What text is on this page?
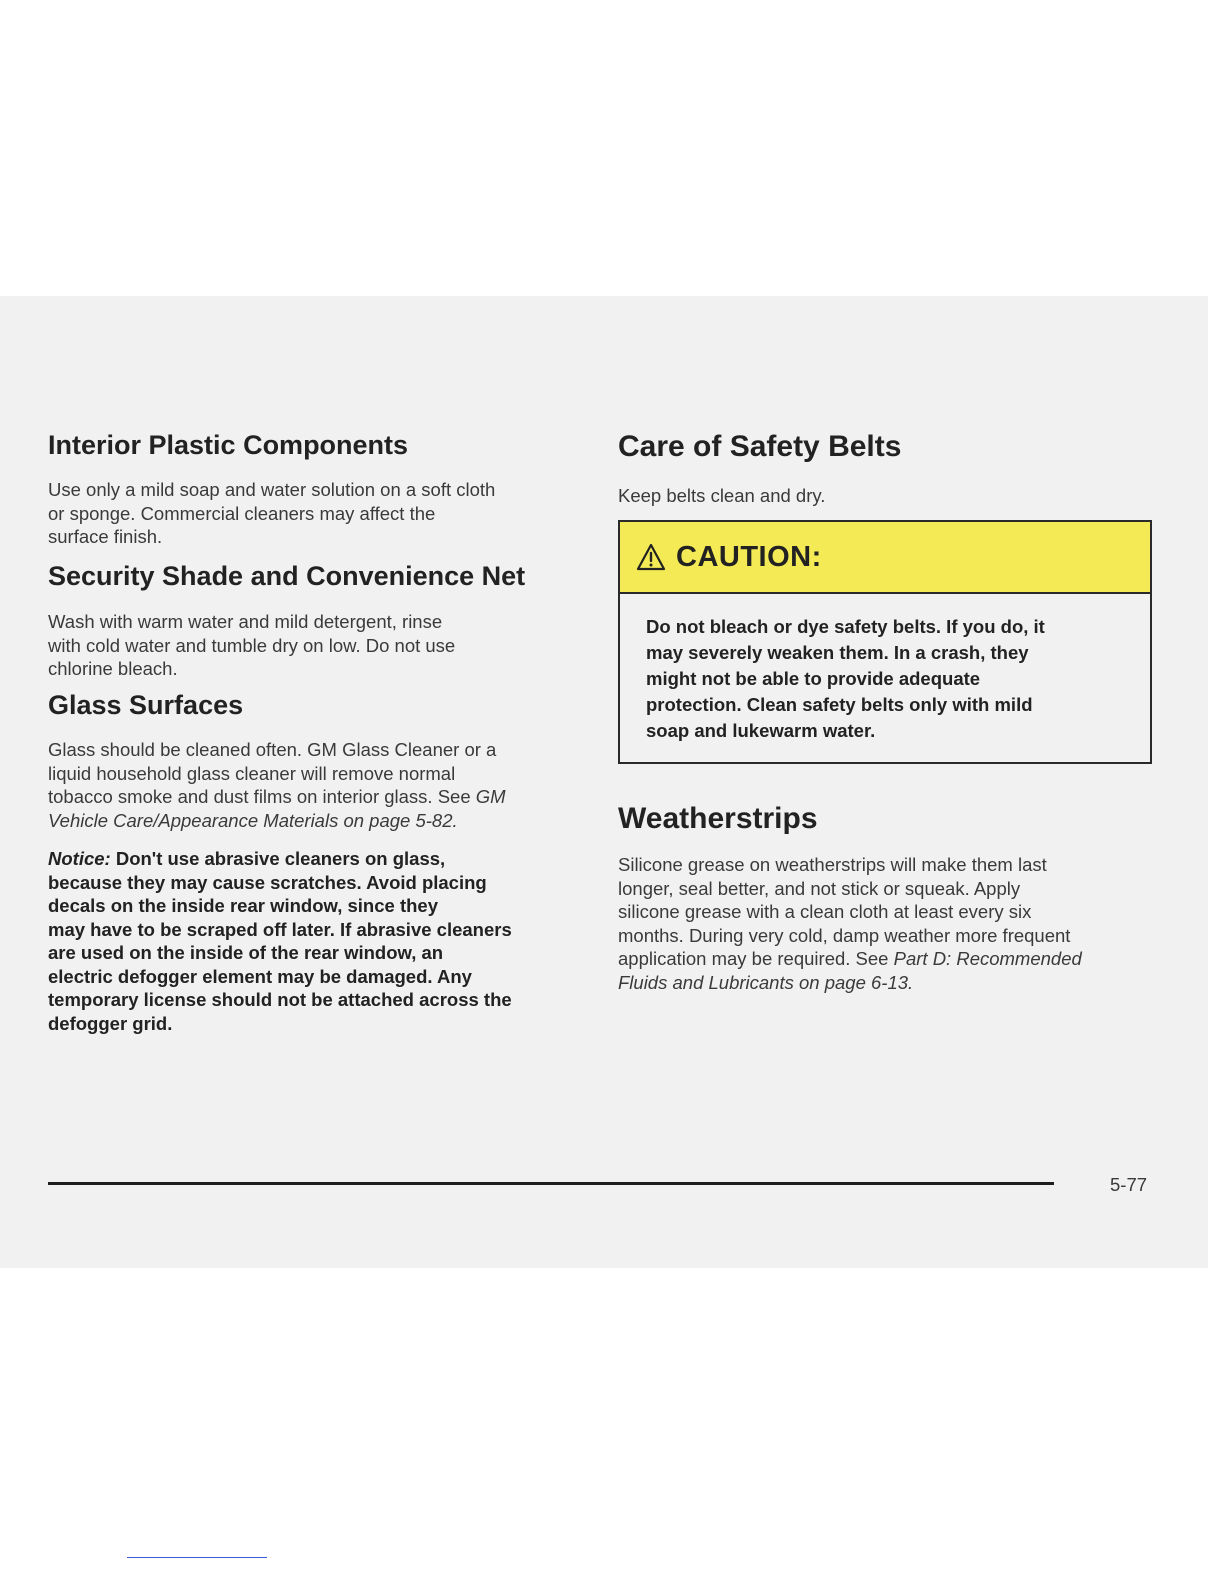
Interior Plastic Components

Use only a mild soap and water solution on a soft cloth
or sponge. Commercial cleaners may affect the
surface finish.

Security Shade and Convenience Net

Wash with warm water and mild detergent, rinse
with cold water and tumble dry on low. Do not use
chlorine bleach.

Glass Surfaces

Glass should be cleaned often. GM Glass Cleaner or a
liquid household glass cleaner will remove normal
tobacco smoke and dust films on interior glass. See GM
Vehicle Care/Appearance Materials on page 5-82.

Notice: Don't use abrasive cleaners on glass,
because they may cause scratches. Avoid placing
decals on the inside rear window, since they
may have to be scraped off later. If abrasive cleaners
are used on the inside of the rear window, an
electric defogger element may be damaged. Any
temporary license should not be attached across the
defogger grid.

Care of Safety Belts

Keep belts clean and dry.

CAUTION:

Do not bleach or dye safety belts. If you do, it
may severely weaken them. In a crash, they
might not be able to provide adequate
protection. Clean safety belts only with mild
soap and lukewarm water.

Weatherstrips

Silicone grease on weatherstrips will make them last
longer, seal better, and not stick or squeak. Apply
silicone grease with a clean cloth at least every six
months. During very cold, damp weather more frequent
application may be required. See Part D: Recommended
Fluids and Lubricants on page 6-13.

5-77
